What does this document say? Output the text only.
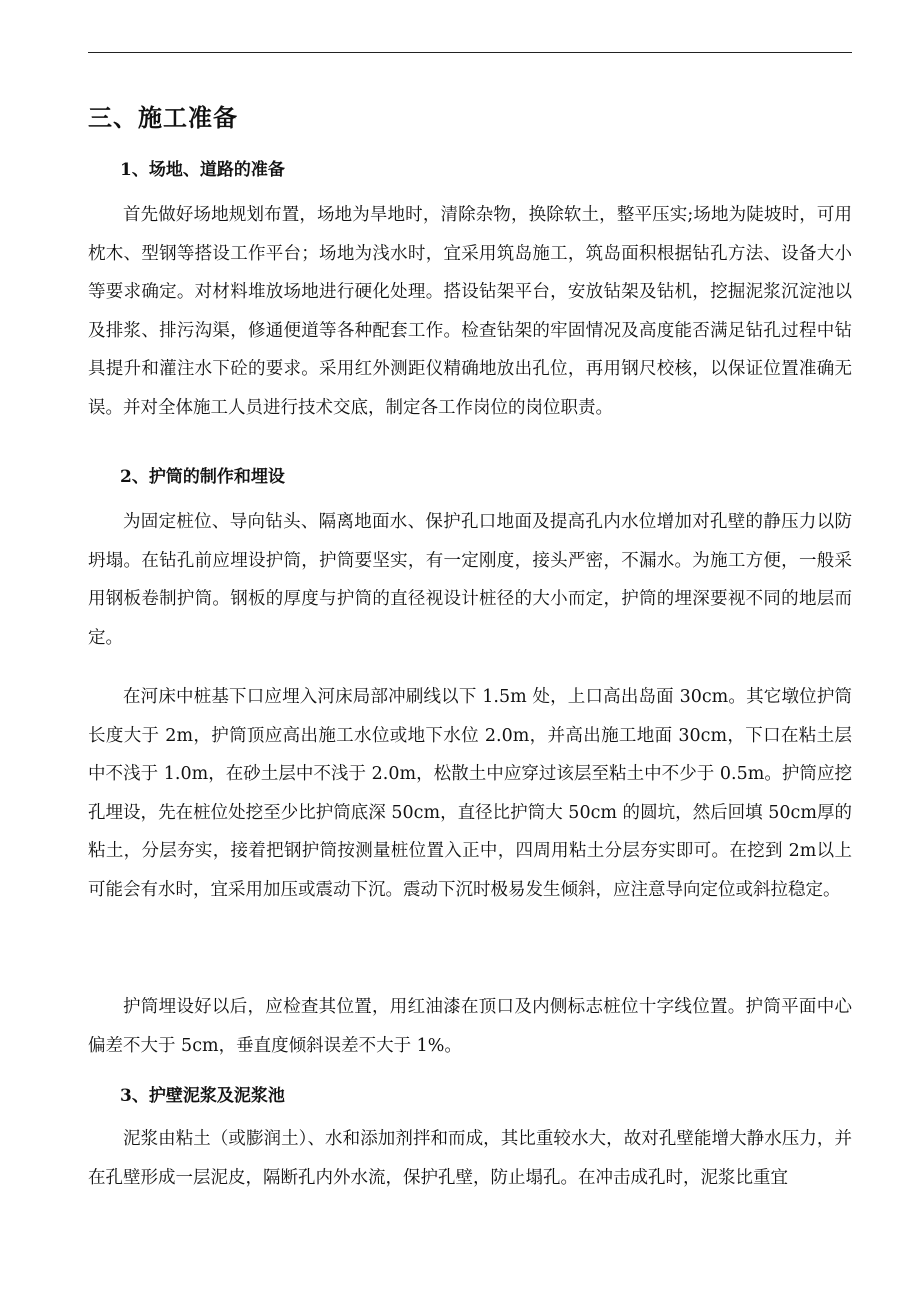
三、施工准备
1、场地、道路的准备

首先做好场地规划布置，场地为旱地时，清除杂物，换除软土，整平压实;场地为陡坡时，可用枕木、型钢等搭设工作平台；场地为浅水时，宜采用筑岛施工，筑岛面积根据钻孔方法、设备大小等要求确定。对材料堆放场地进行硬化处理。搭设钻架平台，安放钻架及钻机，挖掘泥浆沉淀池以及排浆、排污沟渠，修通便道等各种配套工作。检查钻架的牢固情况及高度能否满足钻孔过程中钻具提升和灌注水下砼的要求。采用红外测距仪精确地放出孔位，再用钢尺校核，以保证位置准确无误。并对全体施工人员进行技术交底，制定各工作岗位的岗位职责。

2、护筒的制作和埋设

为固定桩位、导向钻头、隔离地面水、保护孔口地面及提高孔内水位增加对孔壁的静压力以防坍塌。在钻孔前应埋设护筒，护筒要坚实，有一定刚度，接头严密，不漏水。为施工方便，一般采用钢板卷制护筒。钢板的厚度与护筒的直径视设计桩径的大小而定，护筒的埋深要视不同的地层而定。

在河床中桩基下口应埋入河床局部冲刷线以下 1.5m 处，上口高出岛面 30cm。其它墩位护筒长度大于 2m，护筒顶应高出施工水位或地下水位 2.0m，并高出施工地面 30cm，下口在粘土层中不浅于 1.0m，在砂土层中不浅于 2.0m，松散土中应穿过该层至粘土中不少于 0.5m。护筒应挖孔埋设，先在桩位处挖至少比护筒底深 50cm，直径比护筒大 50cm 的圆坑，然后回填 50cm厚的粘土，分层夯实，接着把钢护筒按测量桩位置入正中，四周用粘土分层夯实即可。在挖到 2m以上可能会有水时，宜采用加压或震动下沉。震动下沉时极易发生倾斜，应注意导向定位或斜拉稳定。

护筒埋设好以后，应检查其位置，用红油漆在顶口及内侧标志桩位十字线位置。护筒平面中心偏差不大于 5cm，垂直度倾斜误差不大于 1%。

3、护壁泥浆及泥浆池

泥浆由粘土（或膨润土）、水和添加剂拌和而成，其比重较水大，故对孔壁能增大静水压力，并在孔壁形成一层泥皮，隔断孔内外水流，保护孔壁，防止塌孔。在冲击成孔时，泥浆比重宜
